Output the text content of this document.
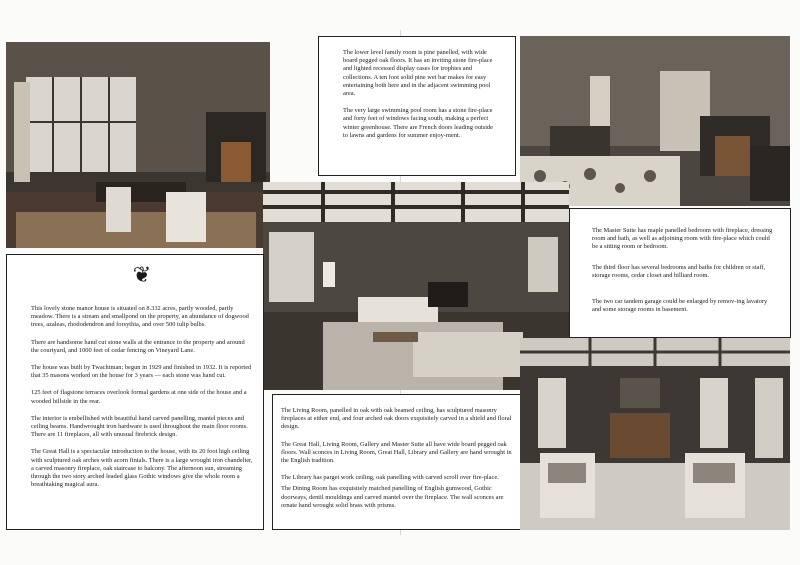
The lower level family room is pine panelled, with wide board pegged oak floors. It has an inviting stone fire-place and lighted recessed display cases for trophies and collections. A ten foot solid pine wet bar makes for easy entertaining both here and in the adjacent swimming pool area.

The very large swimming pool room has a stone fire-place and forty feet of windows facing south, making a perfect winter greenhouse. There are French doors leading outside to lawns and gardens for summer enjoy-ment.

The Master Suite has maple panelled bedroom with fireplace, dressing room and bath, as well as adjoining room with fire-place which could be a sitting room or bedroom.

The third floor has several bedrooms and baths for children or staff, storage rooms, cedar closet and billiard room.

The two car tandem garage could be enlarged by remov-ing lavatory and some storage rooms in basement.

❦

This lovely stone manor house is situated on 8.332 acres, partly wooded, partly meadow. There is a stream and smallpond on the property, an abundance of dogwood trees, azaleas, rhododendron and forsythia, and over 500 tulip bulbs.

There are handsome hand cut stone walls at the entrance to the property and around the courtyard, and 1000 feet of cedar fencing on Vineyard Lane.

The house was built by Twachtman; begun in 1929 and finished in 1932. It is reported that 35 masons worked on the house for 3 years — each stone was hand cut.

125 feet of flagstone terraces overlook formal gardens at one side of the house and a wooded hillside in the rear.

The interior is embellished with beautiful hand carved panelling, mantel pieces and ceiling beams. Handwrought iron hardware is used throughout the main floor rooms. There are 11 fireplaces, all with unusual firebrick design.

The Great Hall is a spectacular introduction to the house, with its 20 foot high ceiling with sculptured oak arches with acorn finials. There is a large wrought iron chandelier, a carved masonry fireplace, oak staircase to balcony. The afternoon sun, streaming through the two story arched leaded glass Gothic windows give the whole room a breathtaking magical aura.

The Living Room, panelled in oak with oak beamed ceiling, has sculptured masonry fireplaces at either end, and four arched oak doors exquisitely carved in a shield and floral design.

The Great Hall, Living Room, Gallery and Master Suite all have wide board pegged oak floors. Wall sconces in Living Room, Great Hall, Library and Gallery are hand wrought in the English tradition.

The Library has parget work ceiling, oak panelling with carved scroll over fire-place.

The Dining Room has exquisitely matched panelling of English gumwood, Gothic doorways, dentil mouldings and carved mantel over the fireplace. The wall sconces are ornate hand wrought solid brass with prisms.
